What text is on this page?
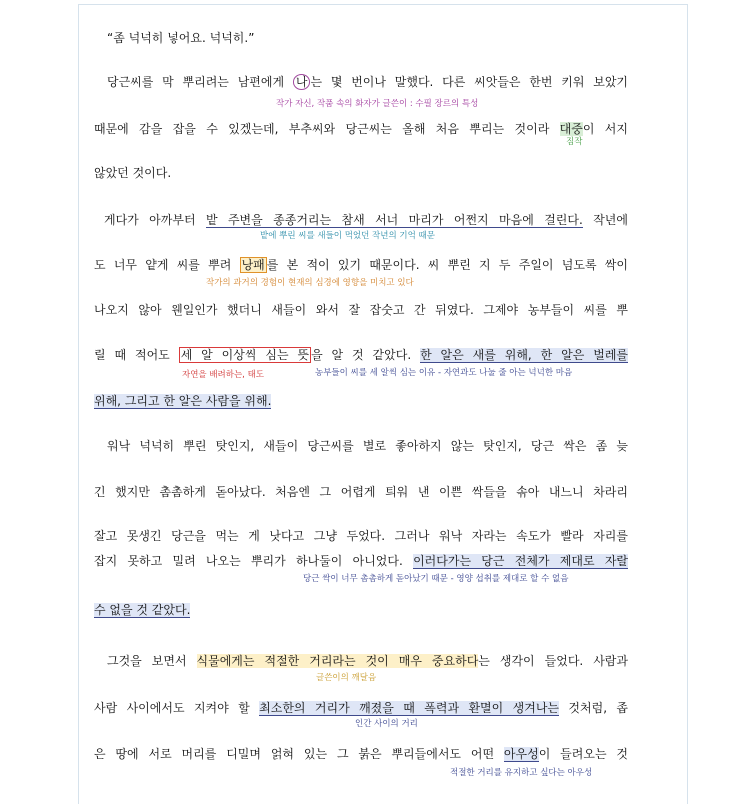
“좀 넉넉히 넣어요. 넉넉히.”
당근씨를 막 뿌리려는 남편에게 나 는 몇 번이나 말했다. 다른 씨앗들은 한번 키워 보았기
작가 자신, 작품 속의 화자가 글쓴이 : 수필 장르의 특성
때문에 감을 잡을 수 있겠는데, 부추씨와 당근씨는 올해 처음 뿌리는 것이라 대중이 서지
짐작
않았던 것이다.
게다가 아까부터 밭 주변을 종종거리는 참새 서너 마리가 어쩐지 마음에 걸린다. 작년에
밭에 뿌린 씨를 새들이 먹었던 작년의 기억 때문
도 너무 얕게 씨를 뿌려 낭패 를 본 적이 있기 때문이다. 씨 뿌린 지 두 주일이 넘도록 싹이
작가의 과거의 경험이 현재의 심경에 영향을 미치고 있다
나오지 않아 웬일인가 했더니 새들이 와서 잘 잡숫고 간 뒤였다. 그제야 농부들이 씨를 뿌
릴 때 적어도 세 알 이상씩 심는 뜻 을 알 것 같았다. 한 알은 새를 위해, 한 알은 벌레를
자연을 배려하는, 태도	농부들이 씨를 세 알씩 심는 이유 - 자연과도 나눌 줄 아는 넉넉한 마음
위해, 그리고 한 알은 사람을 위해.
워낙 넉넉히 뿌린 탓인지, 새들이 당근씨를 별로 좋아하지 않는 탓인지, 당근 싹은 좀 늦
긴 했지만 촘촘하게 돋아났다. 처음엔 그 어렵게 틔워 낸 이쁜 싹들을 솎아 내느니 차라리
잘고 못생긴 당근을 먹는 게 낫다고 그냥 두었다. 그러나 워낙 자라는 속도가 빨라 자리를
잡지 못하고 밀려 나오는 뿌리가 하나둘이 아니었다. 이러다가는 당근 전체가 제대로 자랄
당근 싹이 너무 촘촘하게 돋아났기 때문 - 영양 섭취를 제대로 할 수 없음
수 없을 것 같았다.
그것을 보면서 식물에게는 적절한 거리라는 것이 매우 중요하다는 생각이 들었다. 사람과
글쓴이의 깨달음
사람 사이에서도 지켜야 할 최소한의 거리가 깨졌을 때 폭력과 환멸이 생겨나는 것처럼, 좁
인간 사이의 거리
은 땅에 서로 머리를 디밀며 얽혀 있는 그 붉은 뿌리들에서도 어떤 아우성이 들려오는 것
적절한 거리를 유지하고 싶다는 아우성
